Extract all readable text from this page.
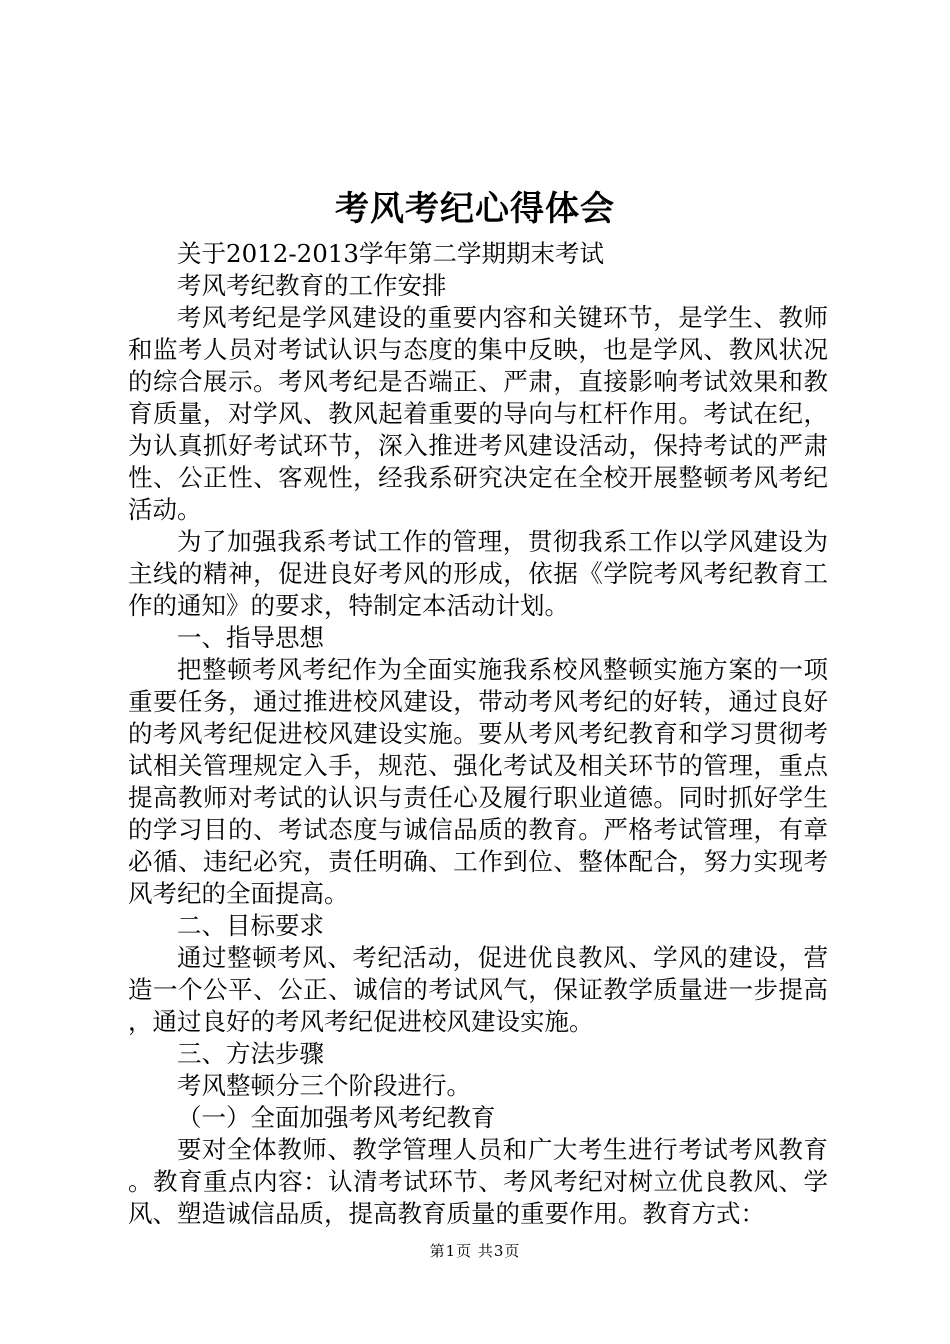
考风考纪心得体会

关于2012-2013学年第二学期期末考试

考风考纪教育的工作安排

考风考纪是学风建设的重要内容和关键环节，是学生、教师和监考人员对考试认识与态度的集中反映，也是学风、教风状况的综合展示。考风考纪是否端正、严肃，直接影响考试效果和教育质量，对学风、教风起着重要的导向与杠杆作用。考试在纪，为认真抓好考试环节，深入推进考风建设活动，保持考试的严肃性、公正性、客观性，经我系研究决定在全校开展整顿考风考纪活动。

为了加强我系考试工作的管理，贯彻我系工作以学风建设为主线的精神，促进良好考风的形成，依据《学院考风考纪教育工作的通知》的要求，特制定本活动计划。

一、指导思想

把整顿考风考纪作为全面实施我系校风整顿实施方案的一项重要任务，通过推进校风建设，带动考风考纪的好转，通过良好的考风考纪促进校风建设实施。要从考风考纪教育和学习贯彻考试相关管理规定入手，规范、强化考试及相关环节的管理，重点提高教师对考试的认识与责任心及履行职业道德。同时抓好学生的学习目的、考试态度与诚信品质的教育。严格考试管理，有章必循、违纪必究，责任明确、工作到位、整体配合，努力实现考风考纪的全面提高。

二、目标要求

通过整顿考风、考纪活动，促进优良教风、学风的建设，营造一个公平、公正、诚信的考试风气，保证教学质量进一步提高，通过良好的考风考纪促进校风建设实施。

三、方法步骤

考风整顿分三个阶段进行。

（一）全面加强考风考纪教育

要对全体教师、教学管理人员和广大考生进行考试考风教育。教育重点内容：认清考试环节、考风考纪对树立优良教风、学风、塑造诚信品质，提高教育质量的重要作用。教育方式：

第1页 共3页
